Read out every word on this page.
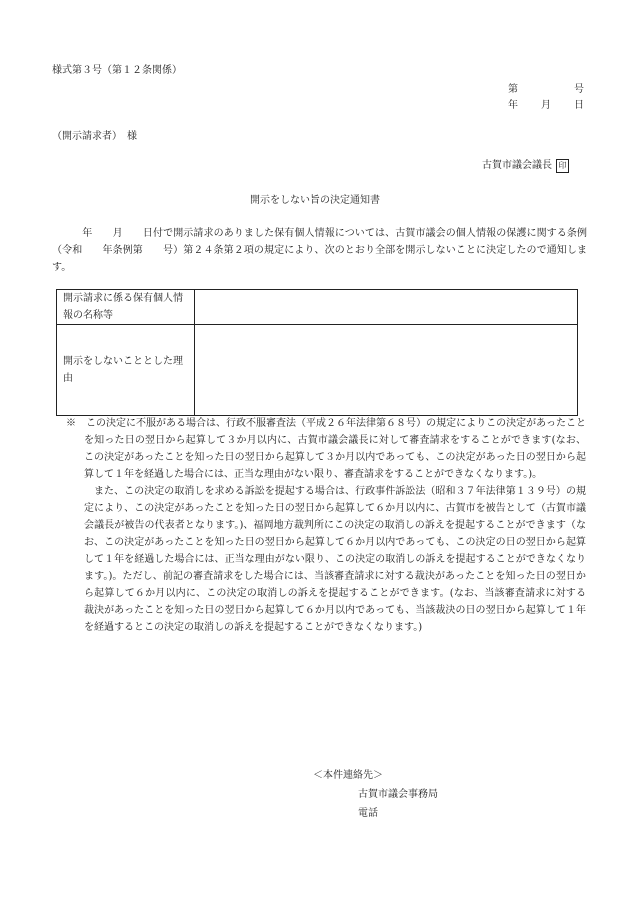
様式第３号（第１２条関係）
第	号
年 月 日
（開示請求者）　様
古賀市議会議長 印
開示をしない旨の決定通知書

　　　年　　月　　日付で開示請求のありました保有個人情報については、古賀市議会の個人情報の保護に関する条例（令和　　年条例第　　号）第２４条第２項の規定により、次のとおり全部を開示しないことに決定したので通知します。

開示請求に係る保有個人情報の名称等	
開示をしないこととした理由	

※　この決定に不服がある場合は、行政不服審査法（平成２６年法律第６８号）の規定によりこの決定があったことを知った日の翌日から起算して３か月以内に、古賀市議会議長に対して審査請求をすることができます(なお、この決定があったことを知った日の翌日から起算して３か月以内であっても、この決定があった日の翌日から起算して１年を経過した場合には、正当な理由がない限り、審査請求をすることができなくなります。)。

また、この決定の取消しを求める訴訟を提起する場合は、行政事件訴訟法（昭和３７年法律第１３９号）の規定により、この決定があったことを知った日の翌日から起算して６か月以内に、古賀市を被告として（古賀市議会議長が被告の代表者となります。)、福岡地方裁判所にこの決定の取消しの訴えを提起することができます（なお、この決定があったことを知った日の翌日から起算して６か月以内であっても、この決定の日の翌日から起算して１年を経過した場合には、正当な理由がない限り、この決定の取消しの訴えを提起することができなくなります。)。ただし、前記の審査請求をした場合には、当該審査請求に対する裁決があったことを知った日の翌日から起算して６か月以内に、この決定の取消しの訴えを提起することができます。(なお、当該審査請求に対する裁決があったことを知った日の翌日から起算して６か月以内であっても、当該裁決の日の翌日から起算して１年を経過するとこの決定の取消しの訴えを提起することができなくなります。)

＜本件連絡先＞
古賀市議会事務局
電話
